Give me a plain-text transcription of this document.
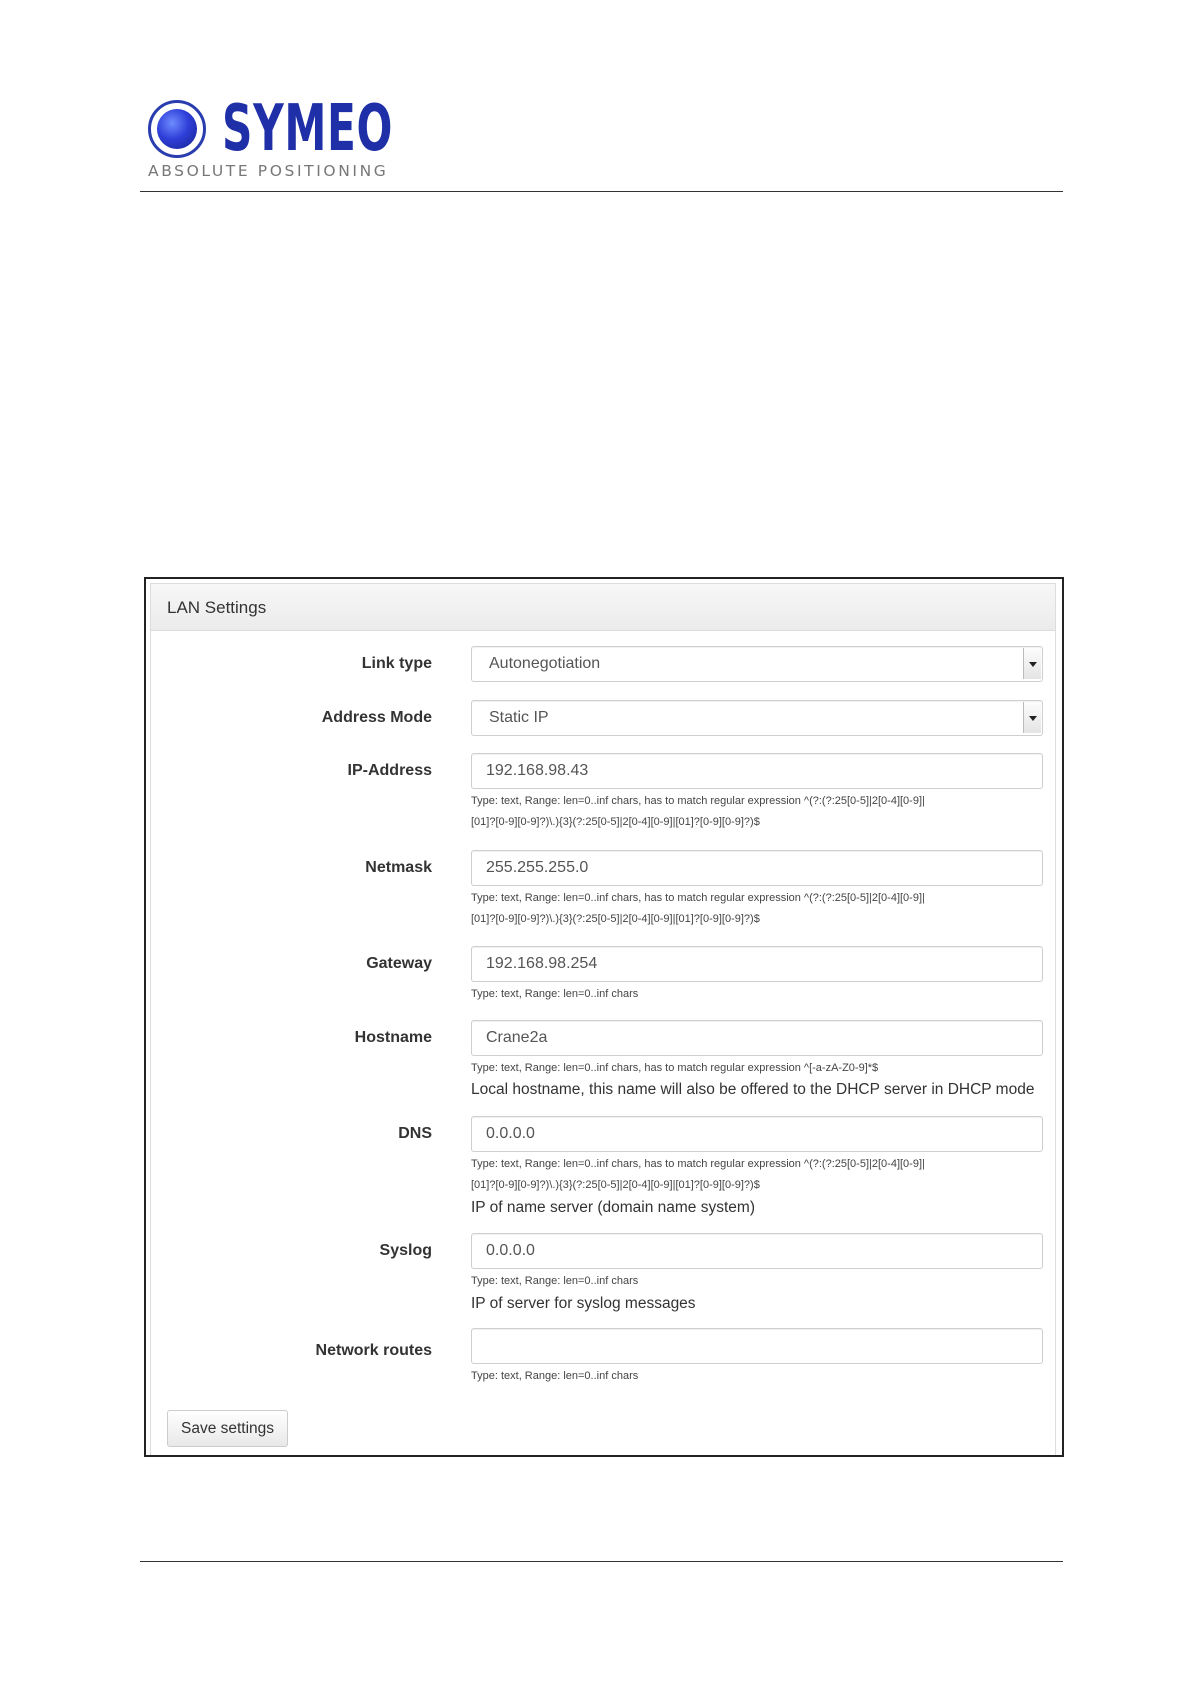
SYMEO
ABSOLUTE POSITIONING
LAN Settings
Link type	Autonegotiation
Address Mode	Static IP
IP-Address
192.168.98.43
Type: text, Range: len=0..inf chars, has to match regular expression ^(?:(?:25[0-5]|2[0-4][0-9]|
[01]?[0-9][0-9]?)\.){3}(?:25[0-5]|2[0-4][0-9]|[01]?[0-9][0-9]?)$
Netmask
255.255.255.0
Type: text, Range: len=0..inf chars, has to match regular expression ^(?:(?:25[0-5]|2[0-4][0-9]|
[01]?[0-9][0-9]?)\.){3}(?:25[0-5]|2[0-4][0-9]|[01]?[0-9][0-9]?)$
Gateway
192.168.98.254
Type: text, Range: len=0..inf chars
Hostname
Crane2a
Type: text, Range: len=0..inf chars, has to match regular expression ^[-a-zA-Z0-9]*$
Local hostname, this name will also be offered to the DHCP server in DHCP mode
DNS
0.0.0.0
Type: text, Range: len=0..inf chars, has to match regular expression ^(?:(?:25[0-5]|2[0-4][0-9]|
[01]?[0-9][0-9]?)\.){3}(?:25[0-5]|2[0-4][0-9]|[01]?[0-9][0-9]?)$
IP of name server (domain name system)
Syslog
0.0.0.0
Type: text, Range: len=0..inf chars
IP of server for syslog messages
Network routes
Type: text, Range: len=0..inf chars
Save settings
